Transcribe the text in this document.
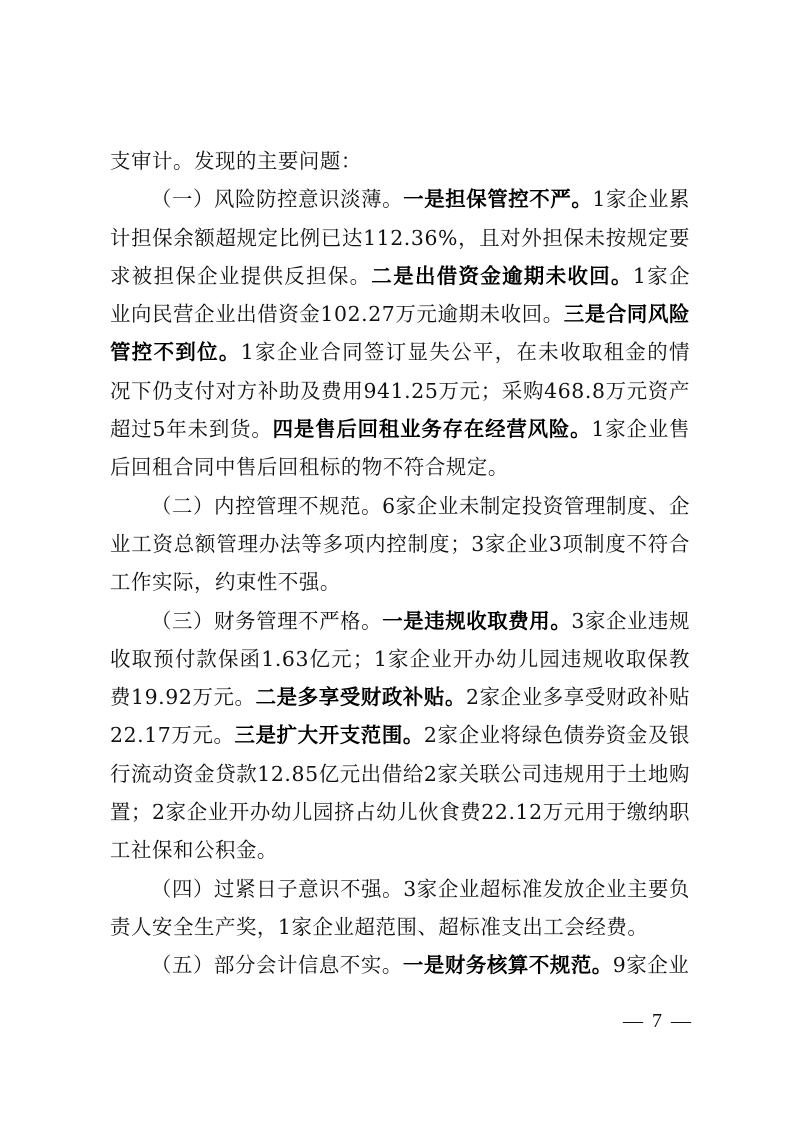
支审计。发现的主要问题：

（一）风险防控意识淡薄。一是担保管控不严。1家企业累计担保余额超规定比例已达112.36%，且对外担保未按规定要求被担保企业提供反担保。二是出借资金逾期未收回。1家企业向民营企业出借资金102.27万元逾期未收回。三是合同风险管控不到位。1家企业合同签订显失公平，在未收取租金的情况下仍支付对方补助及费用941.25万元；采购468.8万元资产超过5年未到货。四是售后回租业务存在经营风险。1家企业售后回租合同中售后回租标的物不符合规定。

（二）内控管理不规范。6家企业未制定投资管理制度、企业工资总额管理办法等多项内控制度；3家企业3项制度不符合工作实际，约束性不强。

（三）财务管理不严格。一是违规收取费用。3家企业违规收取预付款保函1.63亿元；1家企业开办幼儿园违规收取保教费19.92万元。二是多享受财政补贴。2家企业多享受财政补贴22.17万元。三是扩大开支范围。2家企业将绿色债券资金及银行流动资金贷款12.85亿元出借给2家关联公司违规用于土地购置；2家企业开办幼儿园挤占幼儿伙食费22.12万元用于缴纳职工社保和公积金。

（四）过紧日子意识不强。3家企业超标准发放企业主要负责人安全生产奖，1家企业超范围、超标准支出工会经费。

（五）部分会计信息不实。一是财务核算不规范。9家企业

— 7 —
